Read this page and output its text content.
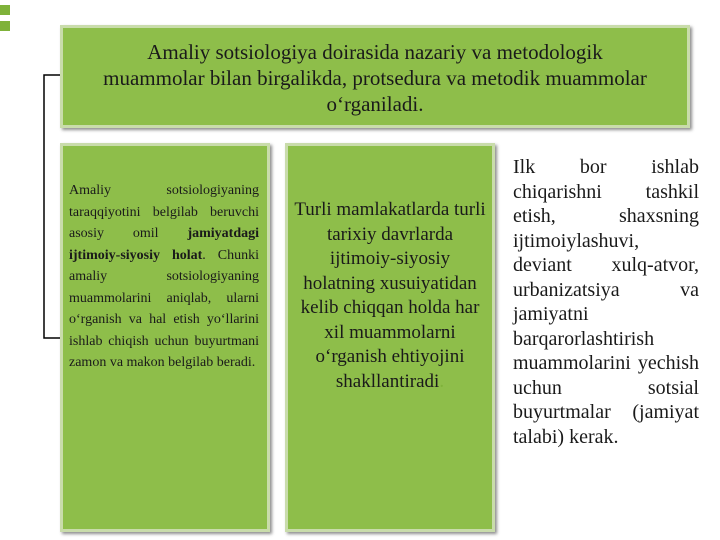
Amaliy sotsiologiya doirasida nazariy va metodologik muammolar bilan birgalikda, protsedura va metodik muammolar o‘rganiladi.
Amaliy sotsiologiyaning taraqqiyotini belgilab beruvchi asosiy omil jamiyatdagi ijtimoiy-siyosiy holat. Chunki amaliy sotsiologiyaning muammolarini aniqlab, ularni o‘rganish va hal etish yo‘llarini ishlab chiqish uchun buyurtmani zamon va makon belgilab beradi.
Turli mamlakatlarda turli tarixiy davrlarda ijtimoiy-siyosiy holatning xusuiyatidan kelib chiqqan holda har xil muammolarni o‘rganish ehtiyojini shakllantiradi.
Ilk bor ishlab chiqarishni tashkil etish, shaxsning ijtimoiylashuvi, deviant xulq-atvor, urbanizatsiya va jamiyatni barqarorlashtirish muammolarini yechish uchun sotsial buyurtmalar (jamiyat talabi) kerak.
